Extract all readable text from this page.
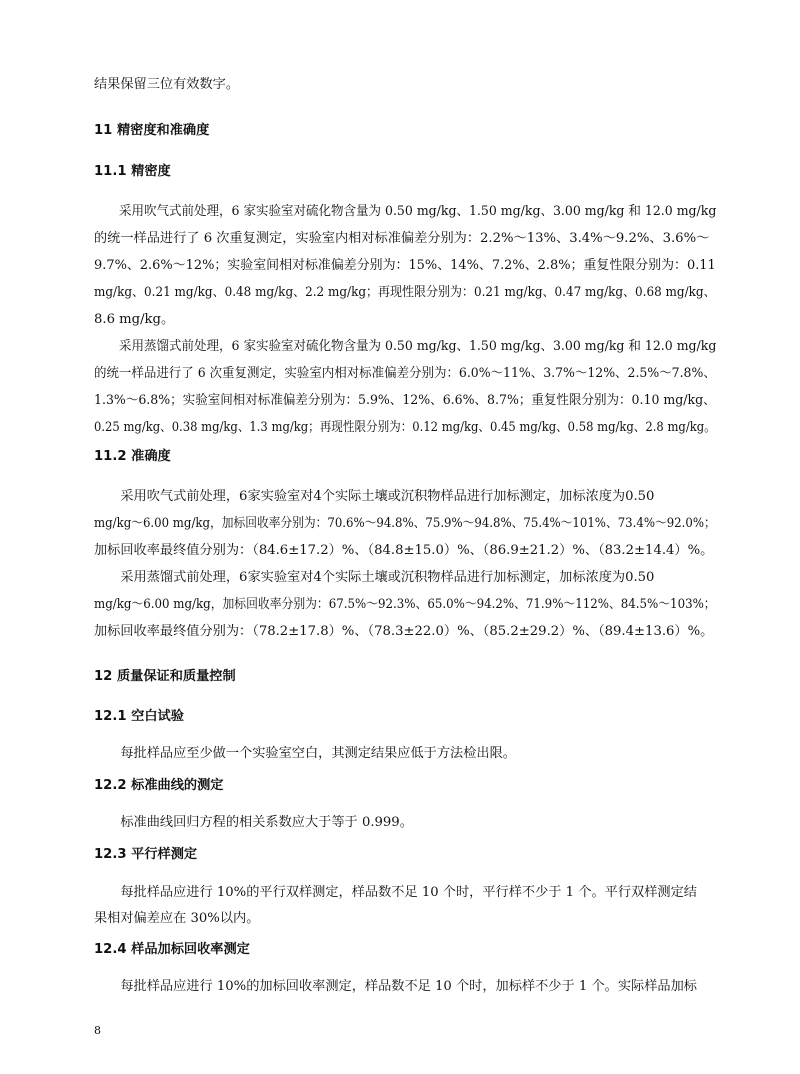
结果保留三位有效数字。
11 精密度和准确度
11.1 精密度
　　采用吹气式前处理，6 家实验室对硫化物含量为 0.50 mg/kg、1.50 mg/kg、3.00 mg/kg 和 12.0 mg/kg
的统一样品进行了 6 次重复测定，实验室内相对标准偏差分别为：2.2%～13%、3.4%～9.2%、3.6%～
9.7%、2.6%～12%；实验室间相对标准偏差分别为：15%、14%、7.2%、2.8%；重复性限分别为：0.11
mg/kg、0.21 mg/kg、0.48 mg/kg、2.2 mg/kg；再现性限分别为：0.21 mg/kg、0.47 mg/kg、0.68 mg/kg、
8.6 mg/kg。
　　采用蒸馏式前处理，6 家实验室对硫化物含量为 0.50 mg/kg、1.50 mg/kg、3.00 mg/kg 和 12.0 mg/kg
的统一样品进行了 6 次重复测定，实验室内相对标准偏差分别为：6.0%～11%、3.7%～12%、2.5%～7.8%、
1.3%～6.8%；实验室间相对标准偏差分别为：5.9%、12%、6.6%、8.7%；重复性限分别为：0.10 mg/kg、
0.25 mg/kg、0.38 mg/kg、1.3 mg/kg；再现性限分别为：0.12 mg/kg、0.45 mg/kg、0.58 mg/kg、2.8 mg/kg。
11.2 准确度
　　采用吹气式前处理，6家实验室对4个实际土壤或沉积物样品进行加标测定，加标浓度为0.50
mg/kg～6.00 mg/kg，加标回收率分别为：70.6%～94.8%、75.9%～94.8%、75.4%～101%、73.4%～92.0%；
加标回收率最终值分别为：（84.6±17.2）%、（84.8±15.0）%、（86.9±21.2）%、（83.2±14.4）%。
　　采用蒸馏式前处理，6家实验室对4个实际土壤或沉积物样品进行加标测定，加标浓度为0.50
mg/kg～6.00 mg/kg，加标回收率分别为：67.5%～92.3%、65.0%～94.2%、71.9%～112%、84.5%～103%；
加标回收率最终值分别为：（78.2±17.8）%、（78.3±22.0）%、（85.2±29.2）%、（89.4±13.6）%。
12 质量保证和质量控制
12.1 空白试验
　　每批样品应至少做一个实验室空白，其测定结果应低于方法检出限。
12.2 标准曲线的测定
　　标准曲线回归方程的相关系数应大于等于 0.999。
12.3 平行样测定
　　每批样品应进行 10%的平行双样测定，样品数不足 10 个时，平行样不少于 1 个。平行双样测定结
果相对偏差应在 30%以内。
12.4 样品加标回收率测定
　　每批样品应进行 10%的加标回收率测定，样品数不足 10 个时，加标样不少于 1 个。实际样品加标
8
